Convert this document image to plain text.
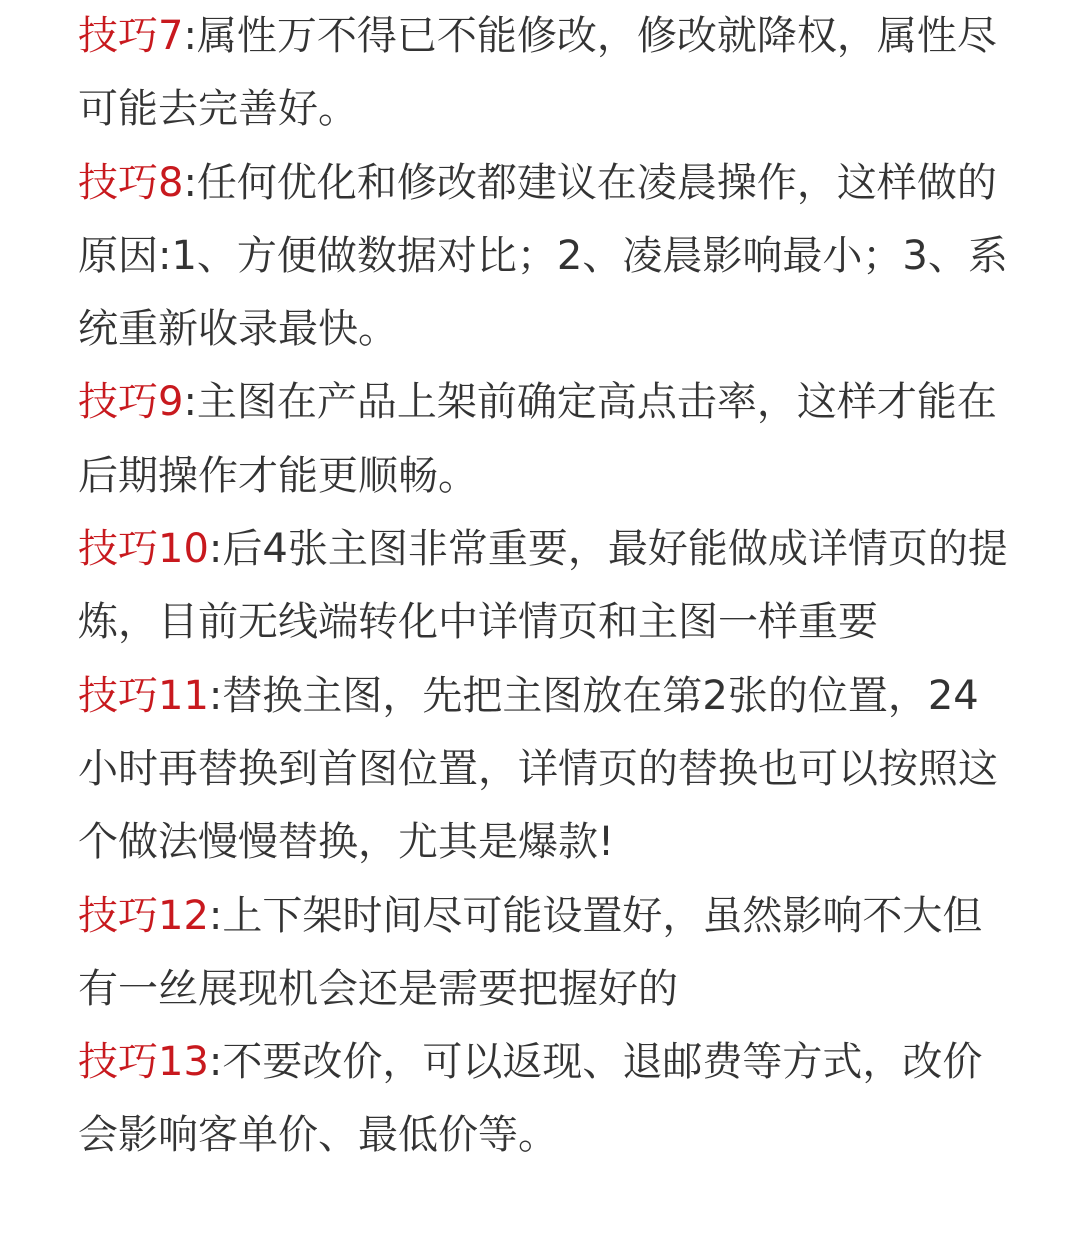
技巧7:属性万不得已不能修改，修改就降权，属性尽可能去完善好。

技巧8:任何优化和修改都建议在凌晨操作，这样做的原因:1、方便做数据对比；2、凌晨影响最小；3、系统重新收录最快。

技巧9:主图在产品上架前确定高点击率，这样才能在后期操作才能更顺畅。

技巧10:后4张主图非常重要，最好能做成详情页的提炼，目前无线端转化中详情页和主图一样重要

技巧11:替换主图，先把主图放在第2张的位置，24小时再替换到首图位置，详情页的替换也可以按照这个做法慢慢替换，尤其是爆款!

技巧12:上下架时间尽可能设置好，虽然影响不大但有一丝展现机会还是需要把握好的

技巧13:不要改价，可以返现、退邮费等方式，改价会影响客单价、最低价等。
